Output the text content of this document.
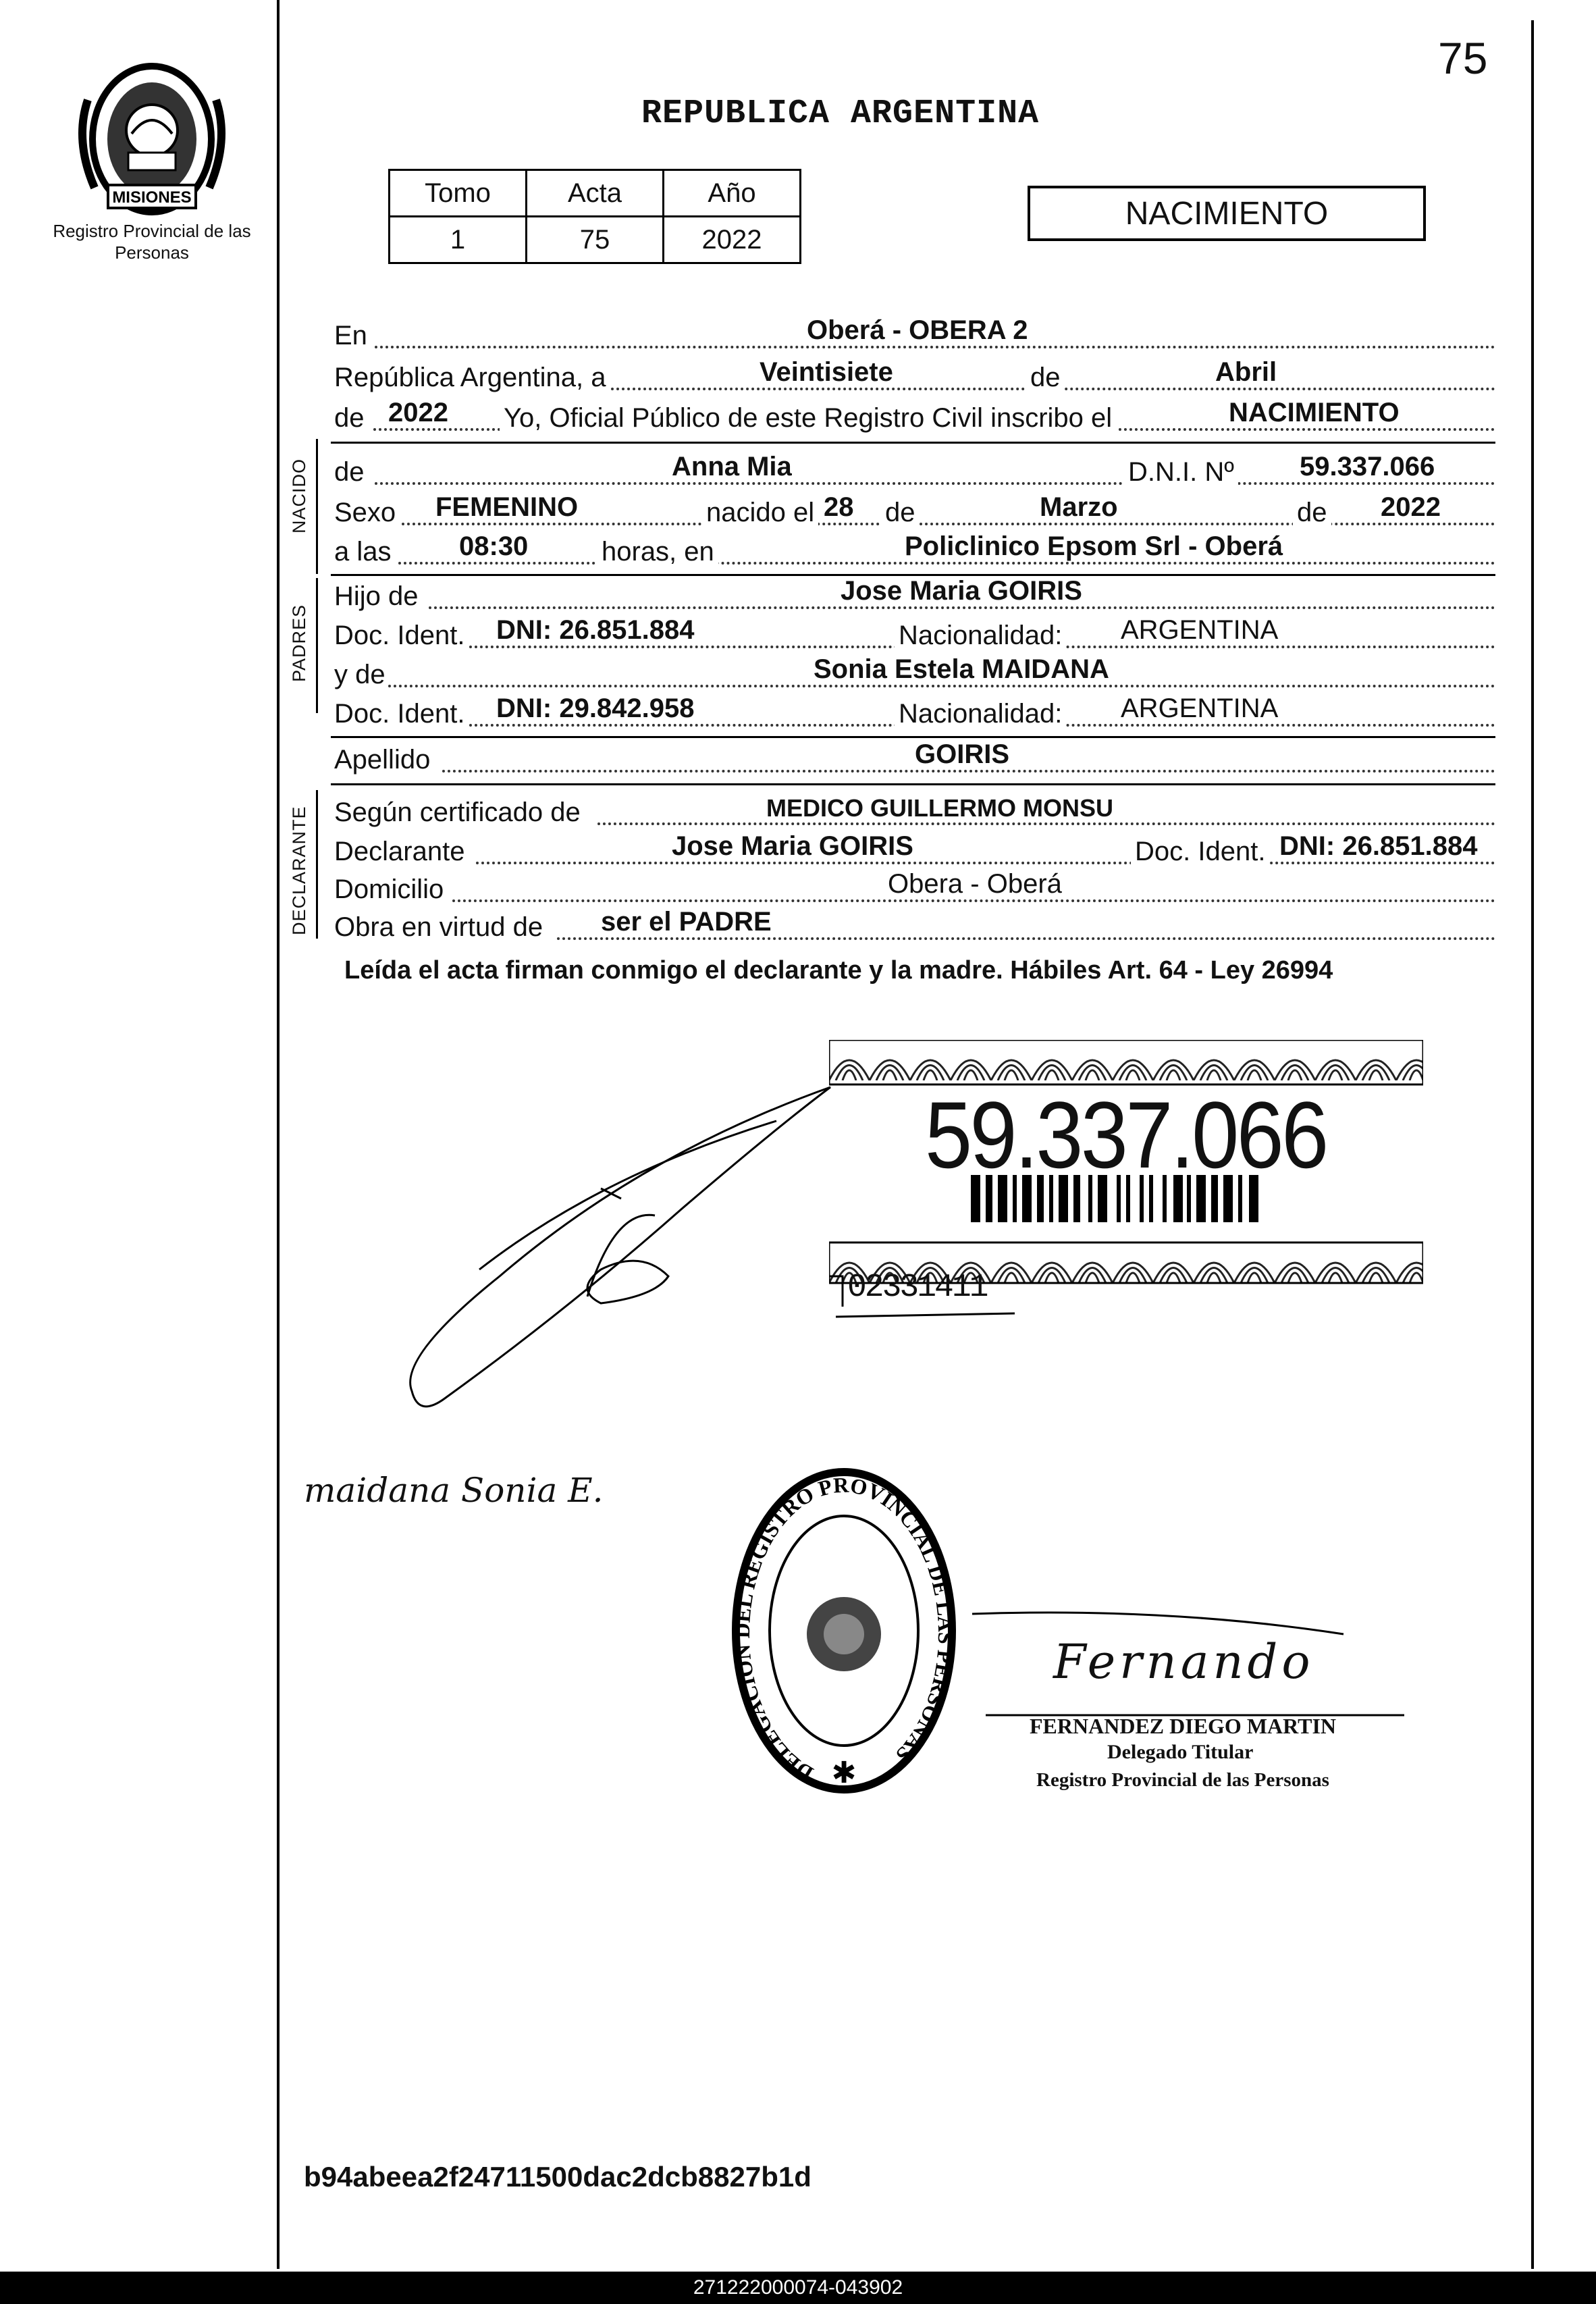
MISIONES
Registro Provincial de las Personas
75
REPUBLICA ARGENTINA
Tomo	Acta	Año
1	75	2022
NACIMIENTO
En	Oberá - OBERA 2
República Argentina, a	Veintisiete	de	Abril
de 2022 Yo, Oficial Público de este Registro Civil inscribo el	NACIMIENTO
NACIDO de	Anna Mia	D.N.I. Nº 59.337.066
Sexo FEMENINO	nacido el 28 de	Marzo	de 2022
a las	08:30	horas, en	Policlinico Epsom Srl - Oberá
PADRES
Hijo de	Jose Maria GOIRIS
Doc. Ident. DNI: 26.851.884	Nacionalidad: ARGENTINA
y de	Sonia Estela MAIDANA
Doc. Ident. DNI: 29.842.958	Nacionalidad: ARGENTINA
Apellido	GOIRIS
DECLARANTE Según certificado de	MEDICO GUILLERMO MONSU
Declarante	Jose Maria GOIRIS	Doc. Ident. DNI: 26.851.884
Domicilio	Obera - Oberá
Obra en virtud de ser el PADRE
Leída el acta firman conmigo el declarante y la madre. Hábiles Art. 64 - Ley 26994
59.337.066
02331411
maidana Sonia E.
DELEGACION DEL REGISTRO PROVINCIAL DE LAS PERSONAS
✱
Fernando
FERNANDEZ DIEGO MARTIN
Delegado Titular
Registro Provincial de las Personas
b94abeea2f24711500dac2dcb8827b1d
271222000074-043902
